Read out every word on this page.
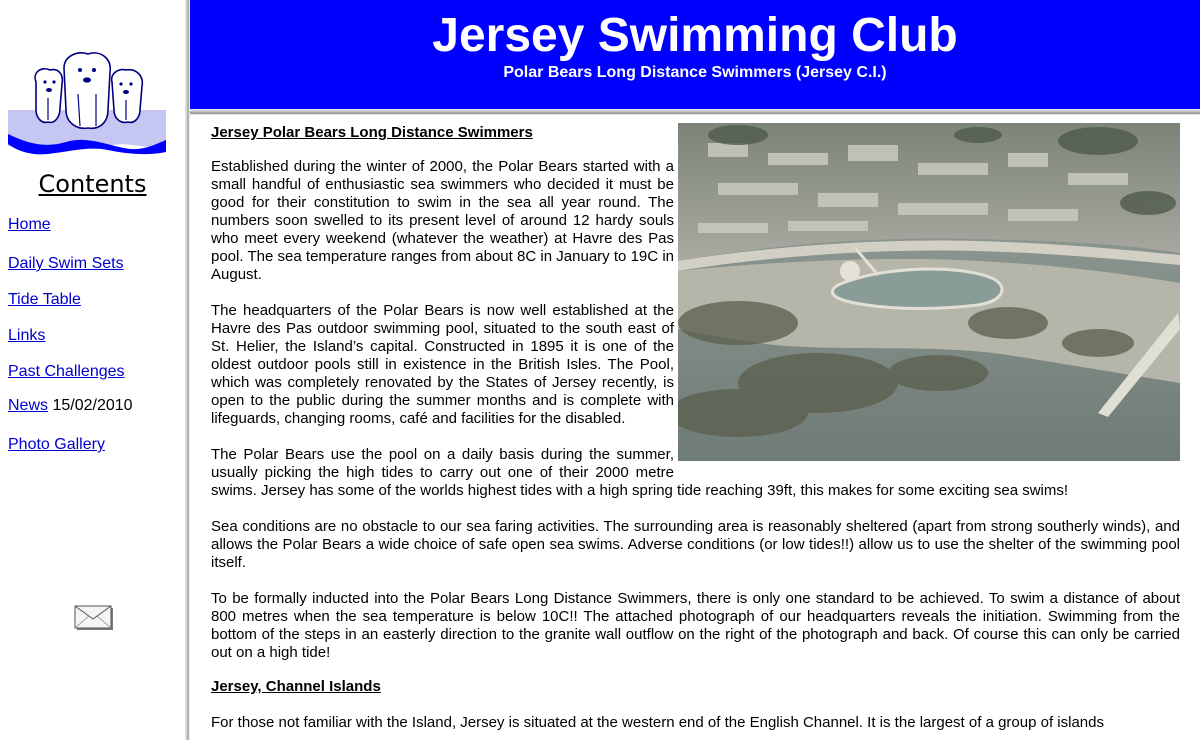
Contents
Home
Daily Swim Sets
Tide Table
Links
Past Challenges
News 15/02/2010
Photo Gallery
Jersey Swimming Club
Polar Bears Long Distance Swimmers (Jersey C.I.)
Jersey Polar Bears Long Distance Swimmers

Established during the winter of 2000, the Polar Bears started with a small handful of enthusiastic sea swimmers who decided it must be good for their constitution to swim in the sea all year round. The numbers soon swelled to its present level of around 12 hardy souls who meet every weekend (whatever the weather) at Havre des Pas pool. The sea temperature ranges from about 8C in January to 19C in August.

The headquarters of the Polar Bears is now well established at the Havre des Pas outdoor swimming pool, situated to the south east of St. Helier, the Island’s capital. Constructed in 1895 it is one of the oldest outdoor pools still in existence in the British Isles. The Pool, which was completely renovated by the States of Jersey recently, is open to the public during the summer months and is complete with lifeguards, changing rooms, café and facilities for the disabled.

The Polar Bears use the pool on a daily basis during the summer, usually picking the high tides to carry out one of their 2000 metre swims. Jersey has some of the worlds highest tides with a high spring tide reaching 39ft, this makes for some exciting sea swims!

Sea conditions are no obstacle to our sea faring activities. The surrounding area is reasonably sheltered (apart from strong southerly winds), and allows the Polar Bears a wide choice of safe open sea swims. Adverse conditions (or low tides!!) allow us to use the shelter of the swimming pool itself.

To be formally inducted into the Polar Bears Long Distance Swimmers, there is only one standard to be achieved. To swim a distance of about 800 metres when the sea temperature is below 10C!! The attached photograph of our headquarters reveals the initiation. Swimming from the bottom of the steps in an easterly direction to the granite wall outflow on the right of the photograph and back. Of course this can only be carried out on a high tide!

Jersey, Channel Islands

For those not familiar with the Island, Jersey is situated at the western end of the English Channel. It is the largest of a group of islands
